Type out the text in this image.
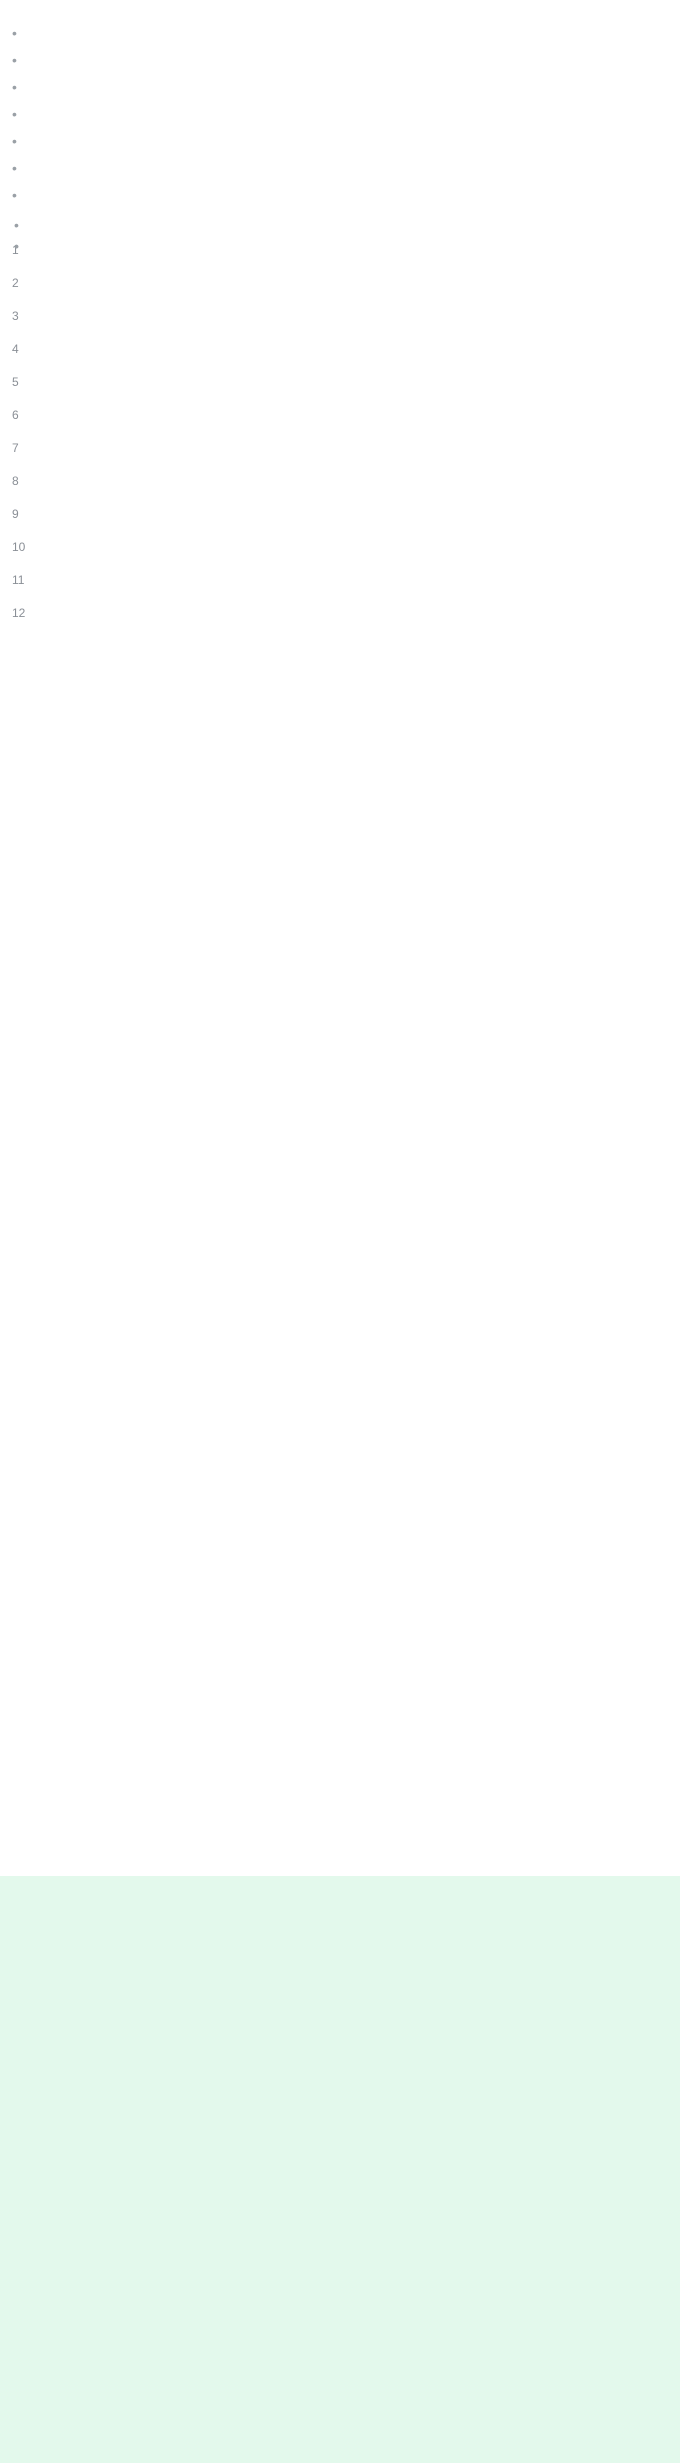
•
•
•
•
•
•
•

1
2
3
4
5
6
7
8
9
10
11
12
